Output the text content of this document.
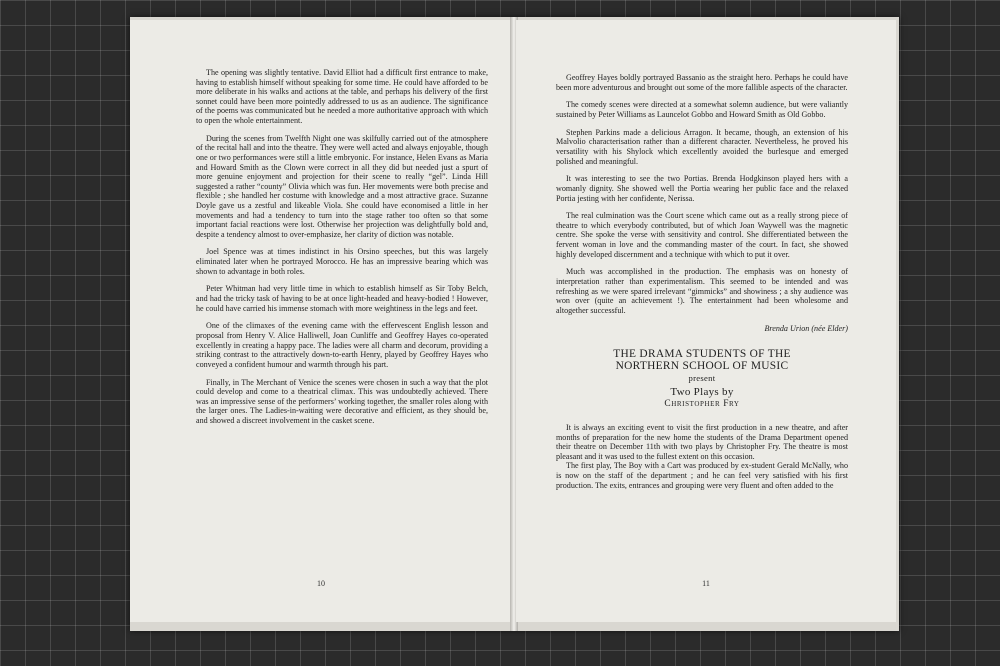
The opening was slightly tentative. David Elliot had a difficult first entrance to make, having to establish himself without speaking for some time. He could have afforded to be more deliberate in his walks and actions at the table, and perhaps his delivery of the first sonnet could have been more pointedly addressed to us as an audience. The significance of the poems was communicated but he needed a more authoritative approach with which to open the whole entertainment.

During the scenes from Twelfth Night one was skilfully carried out of the atmosphere of the recital hall and into the theatre. They were well acted and always enjoyable, though one or two performances were still a little embryonic. For instance, Helen Evans as Maria and Howard Smith as the Clown were correct in all they did but needed just a spurt of more genuine enjoyment and projection for their scene to really “gel”. Linda Hill suggested a rather “county” Olivia which was fun. Her movements were both precise and flexible ; she handled her costume with knowledge and a most attractive grace. Suzanne Doyle gave us a zestful and likeable Viola. She could have economised a little in her movements and had a tendency to turn into the stage rather too often so that some important facial reactions were lost. Otherwise her projection was delightfully bold and, despite a tendency almost to over-emphasize, her clarity of diction was notable.

Joel Spence was at times indistinct in his Orsino speeches, but this was largely eliminated later when he portrayed Morocco. He has an impressive bearing which was shown to advantage in both roles.

Peter Whitman had very little time in which to establish himself as Sir Toby Belch, and had the tricky task of having to be at once light-headed and heavy-bodied ! However, he could have carried his immense stomach with more weightiness in the legs and feet.

One of the climaxes of the evening came with the effervescent English lesson and proposal from Henry V. Alice Halliwell, Joan Cunliffe and Geoffrey Hayes co-operated excellently in creating a happy pace. The ladies were all charm and decorum, providing a striking contrast to the attractively down-to-earth Henry, played by Geoffrey Hayes who conveyed a confident humour and warmth through his part.

Finally, in The Merchant of Venice the scenes were chosen in such a way that the plot could develop and come to a theatrical climax. This was undoubtedly achieved. There was an impressive sense of the performers’ working together, the smaller roles along with the larger ones. The Ladies-in-waiting were decorative and efficient, as they should be, and showed a discreet involvement in the casket scene.

10

Geoffrey Hayes boldly portrayed Bassanio as the straight hero. Perhaps he could have been more adventurous and brought out some of the more fallible aspects of the character.

The comedy scenes were directed at a somewhat solemn audience, but were valiantly sustained by Peter Williams as Launcelot Gobbo and Howard Smith as Old Gobbo.

Stephen Parkins made a delicious Arragon. It became, though, an extension of his Malvolio characterisation rather than a different character. Nevertheless, he proved his versatility with his Shylock which excellently avoided the burlesque and emerged polished and meaningful.

It was interesting to see the two Portias. Brenda Hodgkinson played hers with a womanly dignity. She showed well the Portia wearing her public face and the relaxed Portia jesting with her confidente, Nerissa.

The real culmination was the Court scene which came out as a really strong piece of theatre to which everybody contributed, but of which Joan Waywell was the magnetic centre. She spoke the verse with sensitivity and control. She differentiated between the fervent woman in love and the commanding master of the court. In fact, she showed highly developed discernment and a technique with which to put it over.

Much was accomplished in the production. The emphasis was on honesty of interpretation rather than experimentalism. This seemed to be intended and was refreshing as we were spared irrelevant “gimmicks” and showiness ; a shy audience was won over (quite an achievement !). The entertainment had been wholesome and altogether successful.

Brenda Urion (née Elder)

THE DRAMA STUDENTS OF THE

NORTHERN SCHOOL OF MUSIC

present

Two Plays by

Christopher Fry

It is always an exciting event to visit the first production in a new theatre, and after months of preparation for the new home the students of the Drama Department opened their theatre on December 11th with two plays by Christopher Fry. The theatre is most pleasant and it was used to the fullest extent on this occasion.

The first play, The Boy with a Cart was produced by ex-student Gerald McNally, who is now on the staff of the department ; and he can feel very satisfied with his first production. The exits, entrances and grouping were very fluent and often added to the

11
